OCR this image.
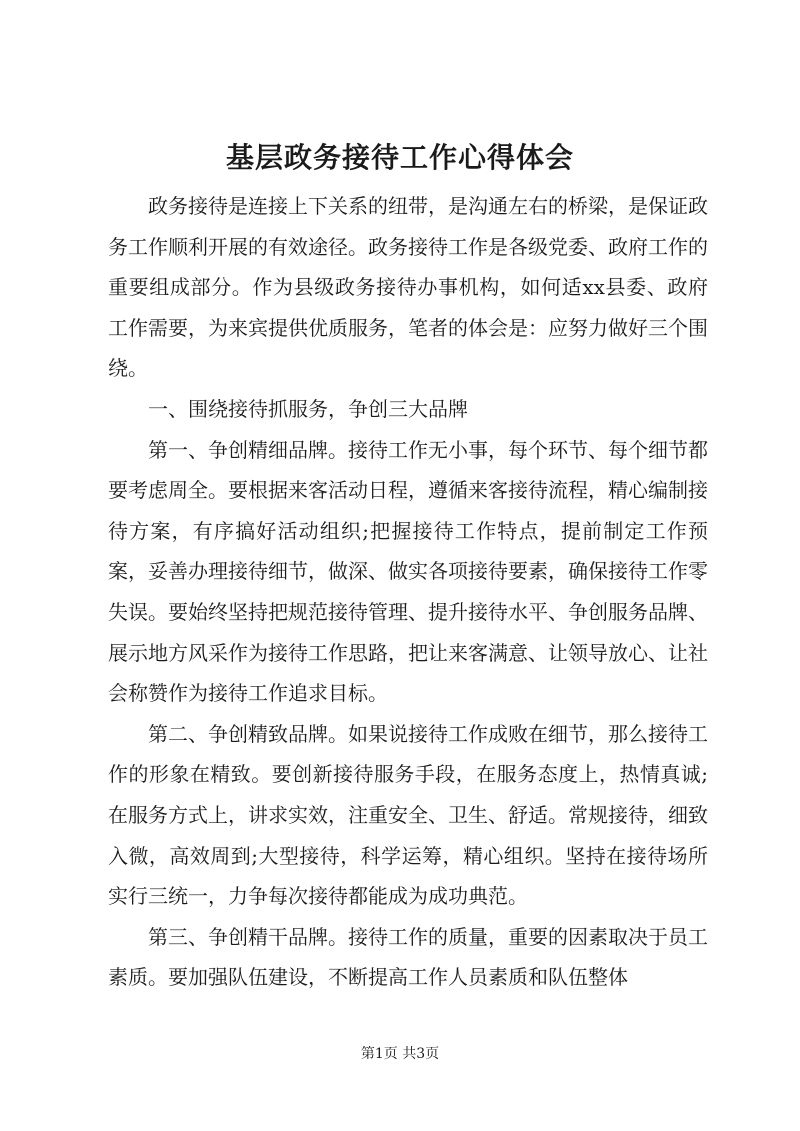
基层政务接待工作心得体会

政务接待是连接上下关系的纽带，是沟通左右的桥梁，是保证政务工作顺利开展的有效途径。政务接待工作是各级党委、政府工作的重要组成部分。作为县级政务接待办事机构，如何适xx县委、政府工作需要，为来宾提供优质服务，笔者的体会是：应努力做好三个围绕。

一、围绕接待抓服务，争创三大品牌

第一、争创精细品牌。接待工作无小事，每个环节、每个细节都要考虑周全。要根据来客活动日程，遵循来客接待流程，精心编制接待方案，有序搞好活动组织;把握接待工作特点，提前制定工作预案，妥善办理接待细节，做深、做实各项接待要素，确保接待工作零失误。要始终坚持把规范接待管理、提升接待水平、争创服务品牌、展示地方风采作为接待工作思路，把让来客满意、让领导放心、让社会称赞作为接待工作追求目标。

第二、争创精致品牌。如果说接待工作成败在细节，那么接待工作的形象在精致。要创新接待服务手段，在服务态度上，热情真诚;在服务方式上，讲求实效，注重安全、卫生、舒适。常规接待，细致入微，高效周到;大型接待，科学运筹，精心组织。坚持在接待场所实行三统一，力争每次接待都能成为成功典范。

第三、争创精干品牌。接待工作的质量，重要的因素取决于员工素质。要加强队伍建设，不断提高工作人员素质和队伍整体

第1页 共3页
